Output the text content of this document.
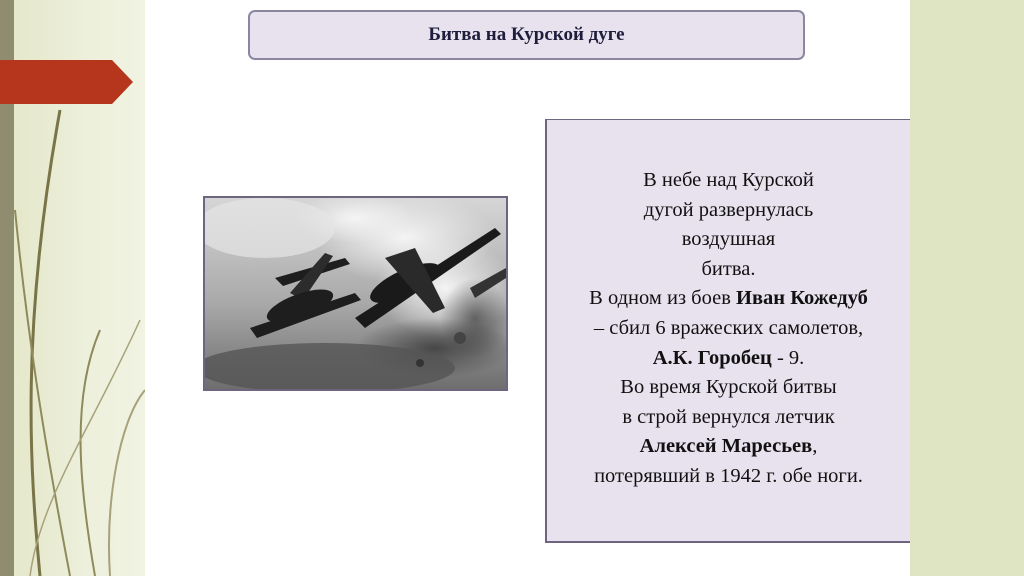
Битва на Курской дуге
В небе над Курской
дугой развернулась
воздушная
битва.
В одном из боев Иван Кожедуб
– сбил 6 вражеских самолетов,
А.К. Горобец - 9.
Во время Курской битвы
в строй вернулся летчик
Алексей Маресьев,
потерявший в 1942 г. обе ноги.
